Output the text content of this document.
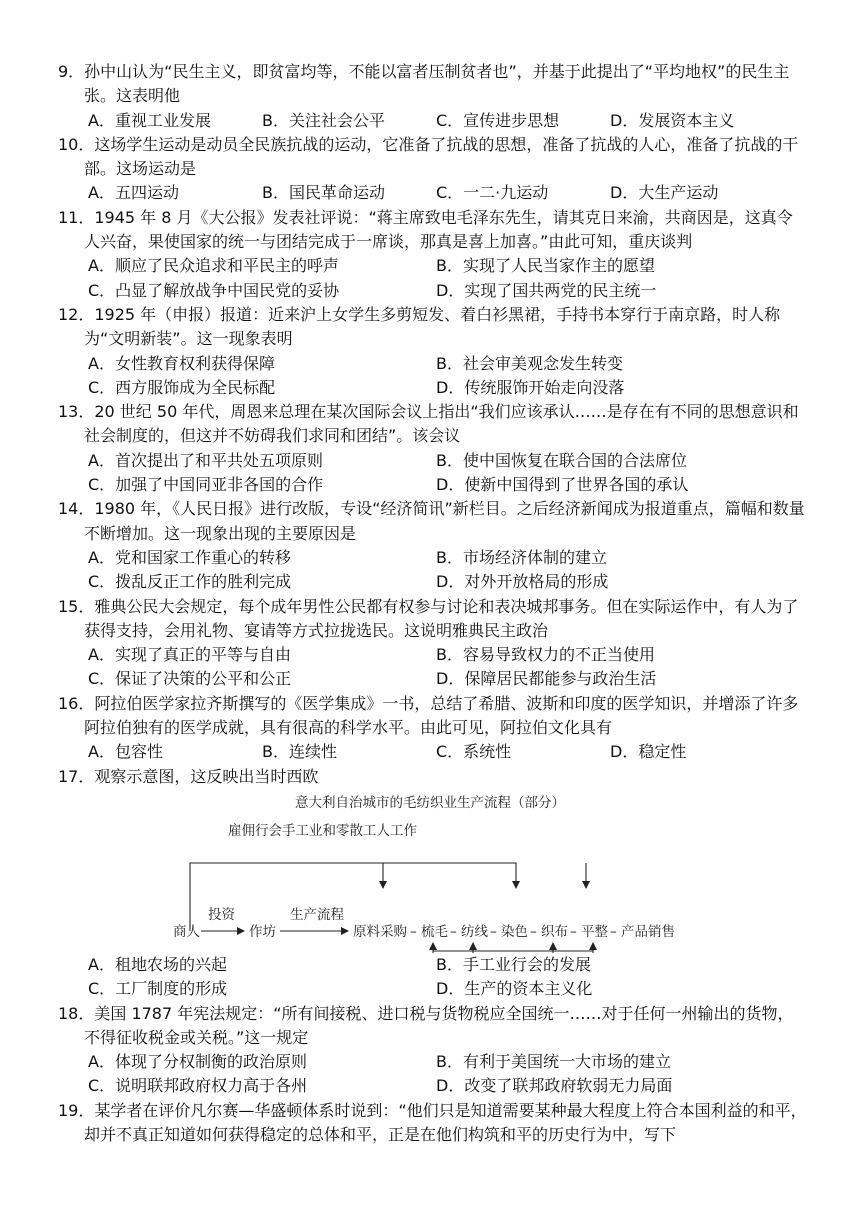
9．孙中山认为“民生主义，即贫富均等，不能以富者压制贫者也”，并基于此提出了“平均地权”的民生主张。这表明他
A．重视工业发展	B．关注社会公平	C．宣传进步思想	D．发展资本主义
10．这场学生运动是动员全民族抗战的运动，它准备了抗战的思想，准备了抗战的人心，准备了抗战的干部。这场运动是
A．五四运动	B．国民革命运动	C．一二·九运动	D．大生产运动
11．1945 年 8 月《大公报》发表社评说：“蒋主席致电毛泽东先生，请其克日来渝，共商因是，这真令人兴奋，果使国家的统一与团结完成于一席谈，那真是喜上加喜。”由此可知，重庆谈判
A．顺应了民众追求和平民主的呼声	B．实现了人民当家作主的愿望
C．凸显了解放战争中国民党的妥协	D．实现了国共两党的民主统一
12．1925 年（申报）报道：近来沪上女学生多剪短发、着白衫黑裙，手持书本穿行于南京路，时人称为“文明新装”。这一现象表明
A．女性教育权利获得保障	B．社会审美观念发生转变
C．西方服饰成为全民标配	D．传统服饰开始走向没落
13．20 世纪 50 年代，周恩来总理在某次国际会议上指出“我们应该承认……是存在有不同的思想意识和社会制度的，但这并不妨碍我们求同和团结”。该会议
A．首次提出了和平共处五项原则	B．使中国恢复在联合国的合法席位
C．加强了中国同亚非各国的合作	D．使新中国得到了世界各国的承认
14．1980 年，《人民日报》进行改版，专设“经济简讯”新栏目。之后经济新闻成为报道重点，篇幅和数量不断增加。这一现象出现的主要原因是
A．党和国家工作重心的转移	B．市场经济体制的建立
C．拨乱反正工作的胜利完成	D．对外开放格局的形成
15．雅典公民大会规定，每个成年男性公民都有权参与讨论和表决城邦事务。但在实际运作中，有人为了获得支持，会用礼物、宴请等方式拉拢选民。这说明雅典民主政治
A．实现了真正的平等与自由	B．容易导致权力的不正当使用
C．保证了决策的公平和公正	D．保障居民都能参与政治生活
16．阿拉伯医学家拉齐斯撰写的《医学集成》一书，总结了希腊、波斯和印度的医学知识，并增添了许多阿拉伯独有的医学成就，具有很高的科学水平。由此可见，阿拉伯文化具有
A．包容性	B．连续性	C．系统性	D．稳定性
17．观察示意图，这反映出当时西欧
意大利自治城市的毛纺织业生产流程（部分）
雇佣行会手工业和零散工人工作
商人
投资
作坊
生产流程
原料采购 – 梳毛 – 纺线 – 染色 – 织布 – 平整 – 产品销售
A．租地农场的兴起	B．手工业行会的发展
C．工厂制度的形成	D．生产的资本主义化
18．美国 1787 年宪法规定：“所有间接税、进口税与货物税应全国统一……对于任何一州输出的货物，不得征收税金或关税。”这一规定
A．体现了分权制衡的政治原则	B．有利于美国统一大市场的建立
C．说明联邦政府权力高于各州	D．改变了联邦政府软弱无力局面
19．某学者在评价凡尔赛—华盛顿体系时说到：“他们只是知道需要某种最大程度上符合本国利益的和平，却并不真正知道如何获得稳定的总体和平，正是在他们构筑和平的历史行为中，写下
